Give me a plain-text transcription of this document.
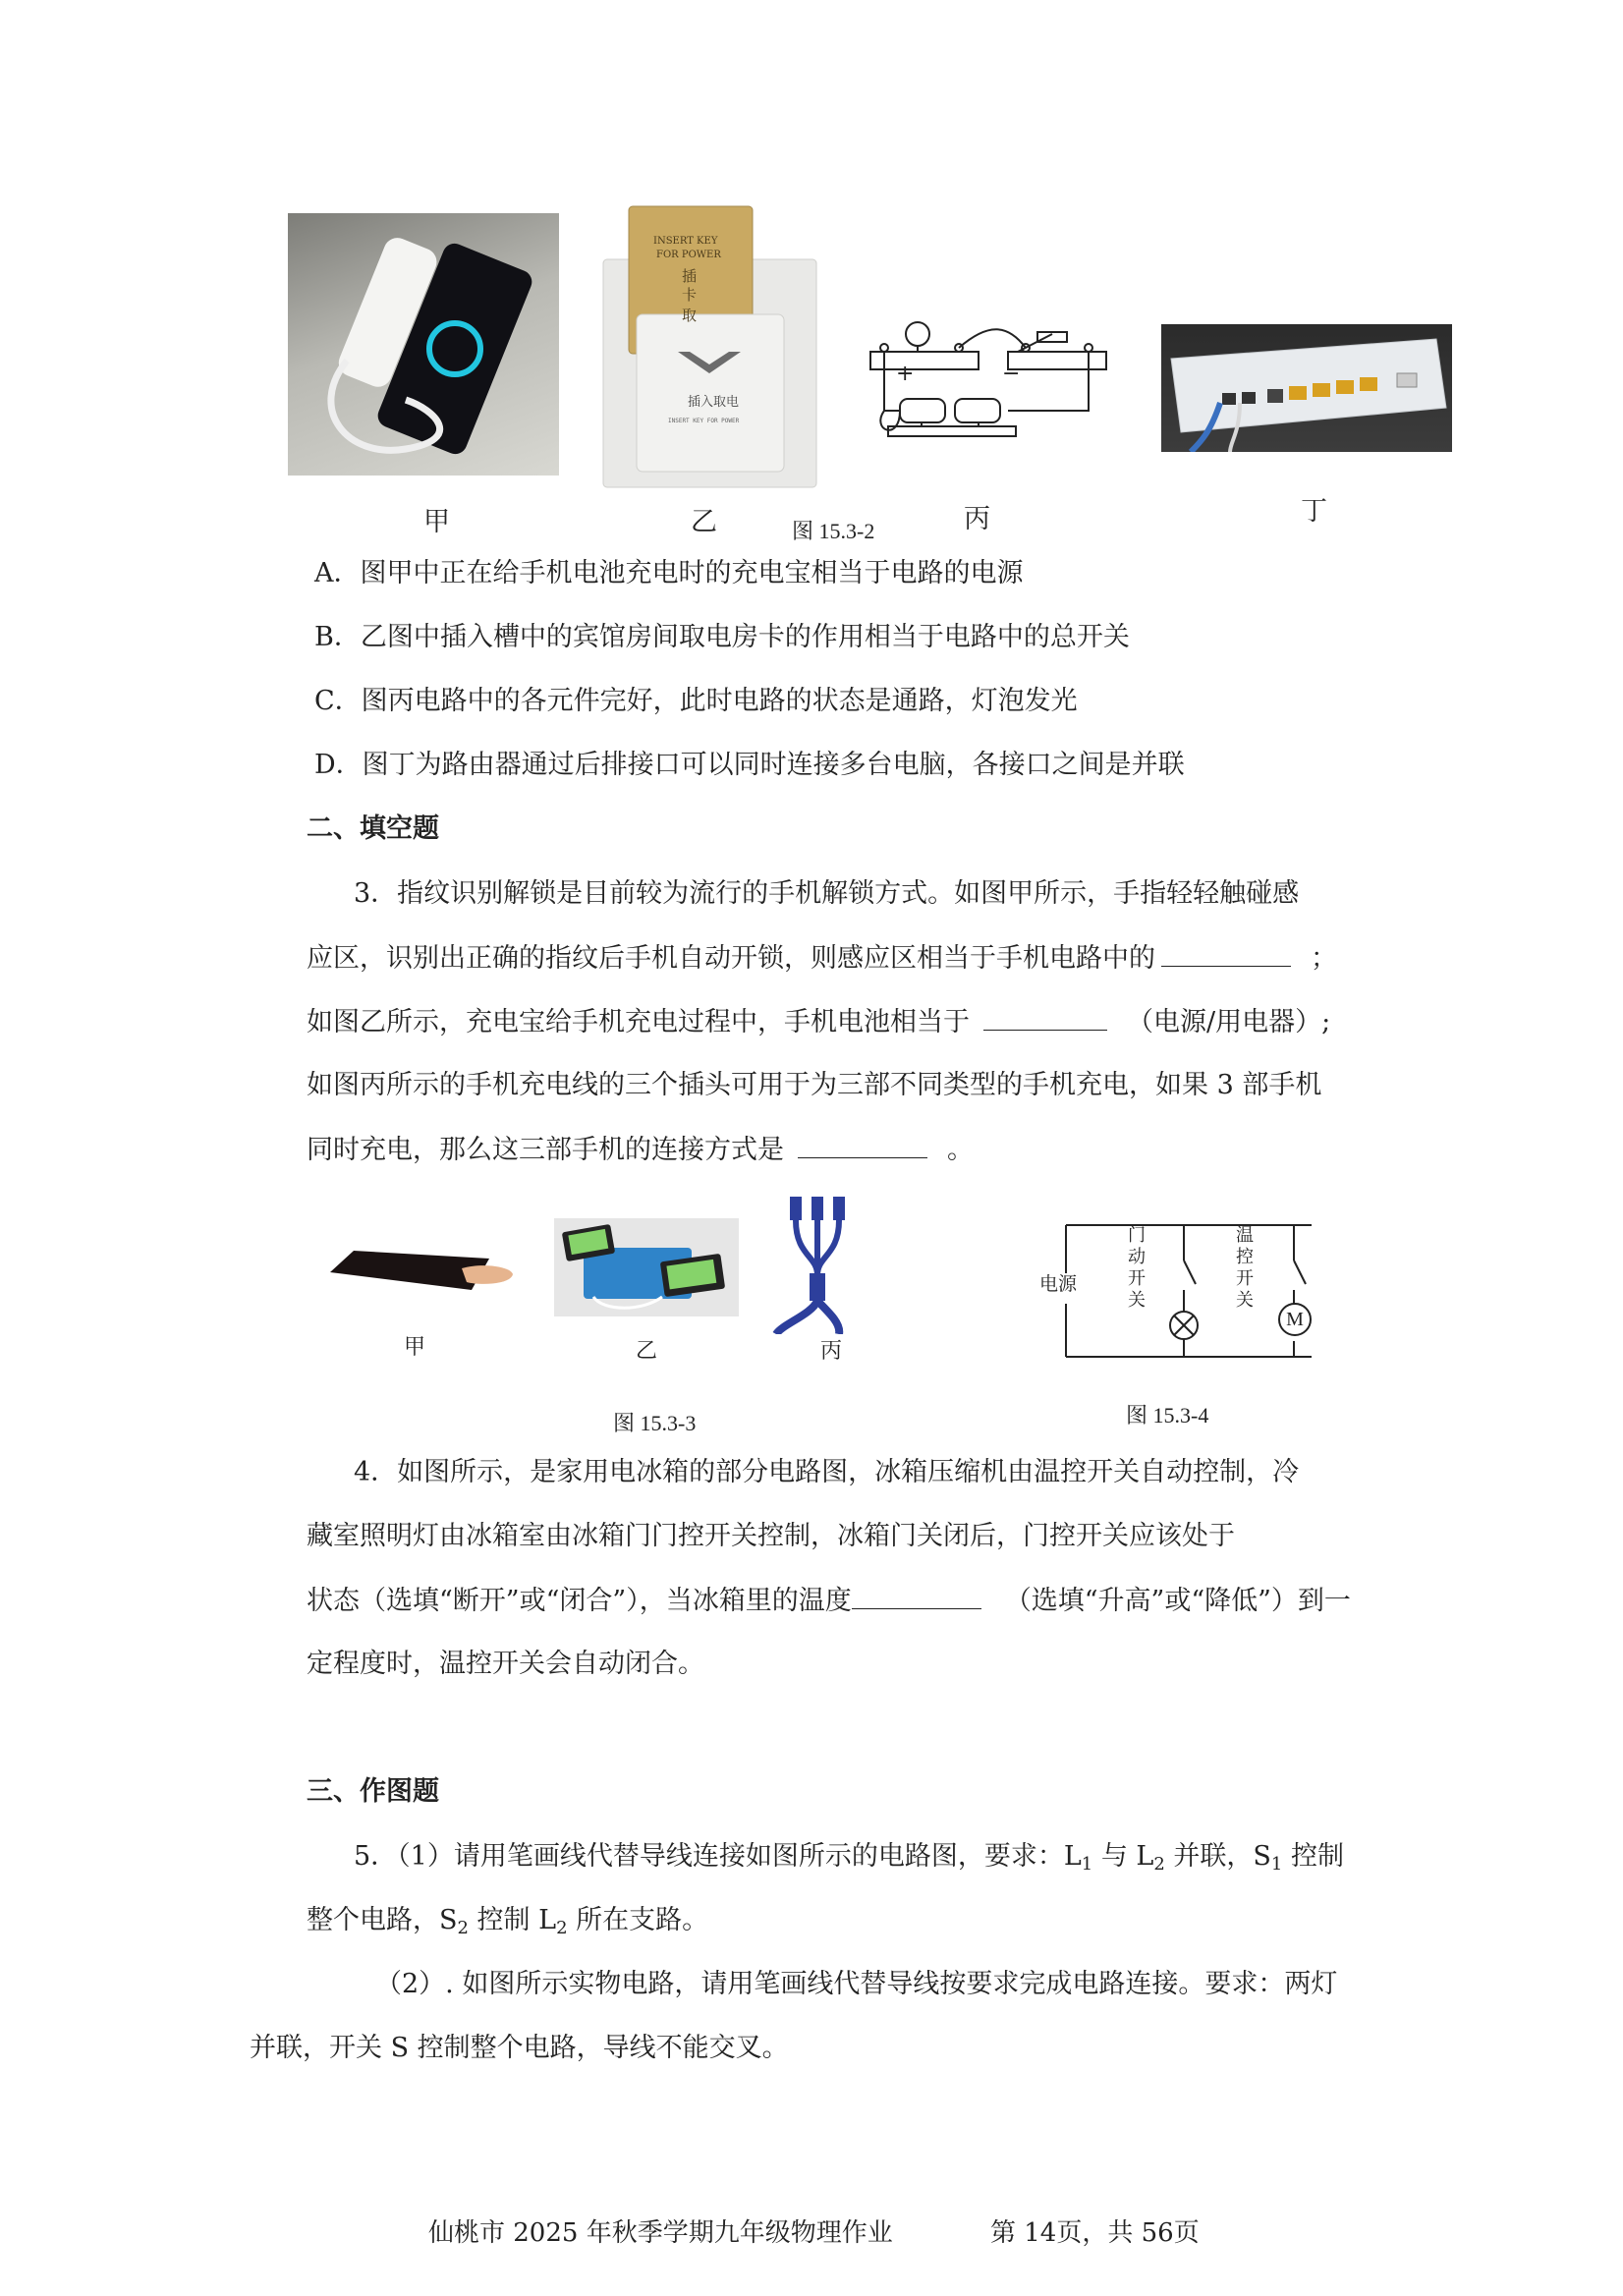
INSERT KEY
FOR POWER
插
卡
取
插入取电
INSERT KEY FOR POWER
+	−
甲	乙	图 15.3-2	丙	丁
A．图甲中正在给手机电池充电时的充电宝相当于电路的电源
B．乙图中插入槽中的宾馆房间取电房卡的作用相当于电路中的总开关
C．图丙电路中的各元件完好，此时电路的状态是通路，灯泡发光
D．图丁为路由器通过后排接口可以同时连接多台电脑，各接口之间是并联
二、填空题
3．指纹识别解锁是目前较为流行的手机解锁方式。如图甲所示，手指轻轻触碰感
应区，识别出正确的指纹后手机自动开锁，则感应区相当于手机电路中的	；
如图乙所示，充电宝给手机充电过程中，手机电池相当于	（电源/用电器）;
如图丙所示的手机充电线的三个插头可用于为三部不同类型的手机充电，如果 3 部手机
同时充电，那么这三部手机的连接方式是	。
甲	乙	丙
图 15.3-3
M
电源
门
动
开
关
温
控
开
关
图 15.3-4
4．如图所示，是家用电冰箱的部分电路图，冰箱压缩机由温控开关自动控制，冷
藏室照明灯由冰箱室由冰箱门门控开关控制，冰箱门关闭后，门控开关应该处于
状态（选填“断开”或“闭合”），当冰箱里的温度	（选填“升高”或“降低”）到一
定程度时，温控开关会自动闭合。
三、作图题
5．（1）请用笔画线代替导线连接如图所示的电路图，要求：$L_1$ 与 $L_2$ 并联，$S_1$ 控制
整个电路，$S_2$ 控制 $L_2$ 所在支路。
（2）. 如图所示实物电路，请用笔画线代替导线按要求完成电路连接。要求：两灯
并联，开关 S 控制整个电路，导线不能交叉。
仙桃市 2025 年秋季学期九年级物理作业	第 14页，共 56页
